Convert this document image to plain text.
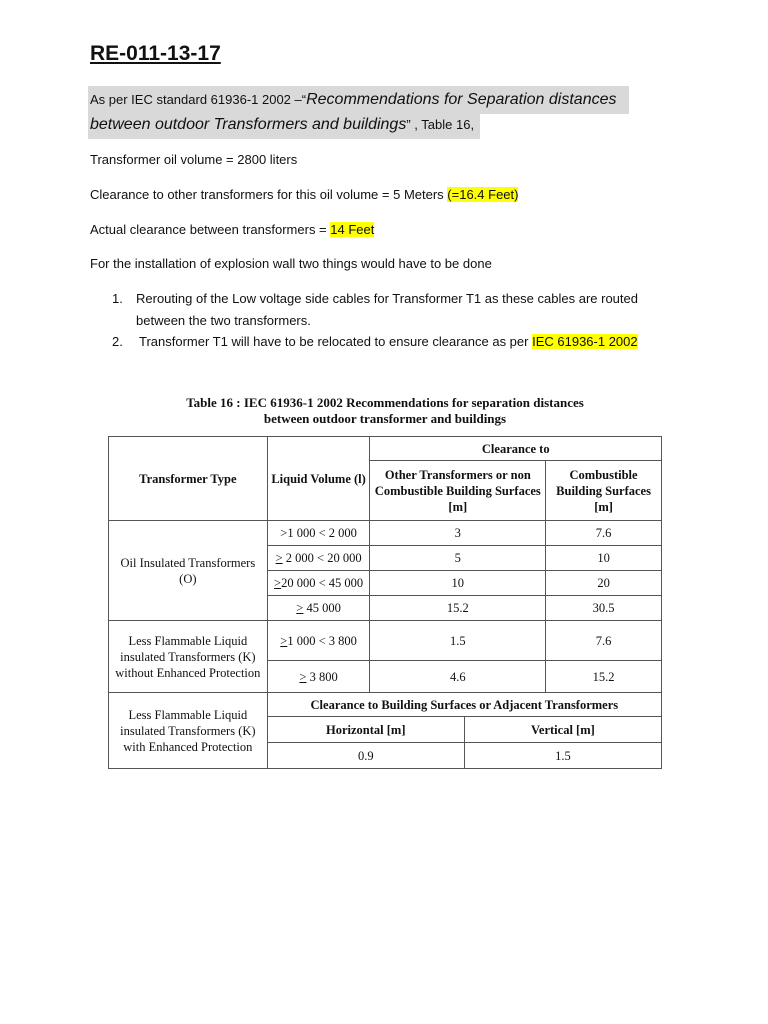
RE-011-13-17
As per IEC standard 61936-1 2002 –“Recommendations for Separation distances
between outdoor Transformers and buildings” , Table 16,

Transformer oil volume = 2800 liters

Clearance to other transformers for this oil volume = 5 Meters (=16.4 Feet)

Actual clearance between transformers = 14 Feet

For the installation of explosion wall two things would have to be done

1. Rerouting of the Low voltage side cables for Transformer T1 as these cables are routed

between the two transformers.

2. Transformer T1 will have to be relocated to ensure clearance as per IEC 61936-1 2002

Table 16 : IEC 61936-1 2002 Recommendations for separation distances
between outdoor transformer and buildings
Transformer Type	Liquid Volume (l)	Clearance to
Other Transformers or non Combustible Building Surfaces [m]	Combustible Building Surfaces [m]
Oil Insulated Transformers (O)	>1 000 < 2 000	3	7.6
> 2 000 < 20 000	5	10
>20 000 < 45 000	10	20
> 45 000	15.2	30.5
Less Flammable Liquid insulated Transformers (K) without Enhanced Protection	>1 000 < 3 800	1.5	7.6
> 3 800	4.6	15.2
Less Flammable Liquid insulated Transformers (K) with Enhanced Protection	Clearance to Building Surfaces or Adjacent Transformers

Horizontal [m]	Vertical [m]

0.9	1.5
